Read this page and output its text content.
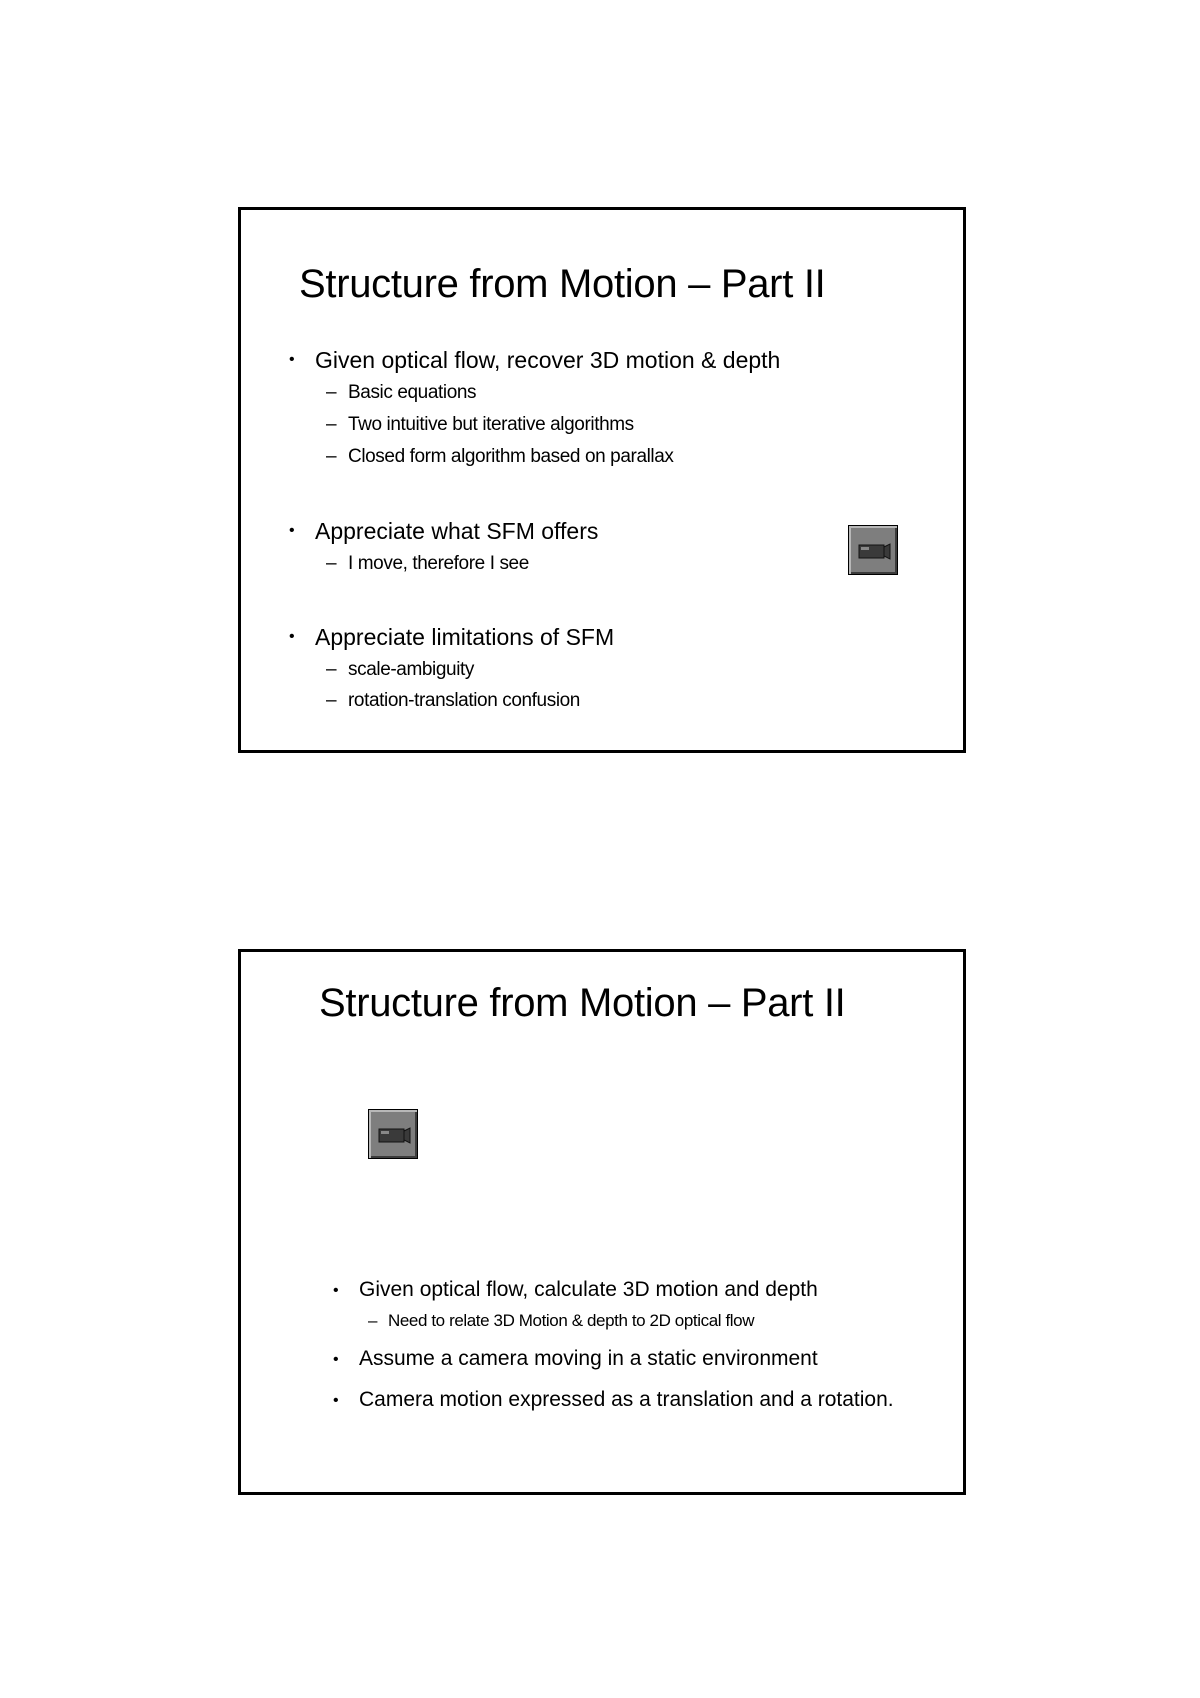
Structure from Motion – Part II
• Given optical flow, recover 3D motion & depth
– Basic equations
– Two intuitive but iterative algorithms
– Closed form algorithm based on parallax
• Appreciate what SFM offers
– I move, therefore I see
• Appreciate limitations of SFM
– scale-ambiguity
– rotation-translation confusion
Structure from Motion – Part II
• Given optical flow, calculate 3D motion and depth
– Need to relate 3D Motion & depth to 2D optical flow
• Assume a camera moving in a static environment
• Camera motion expressed as a translation and a rotation.
